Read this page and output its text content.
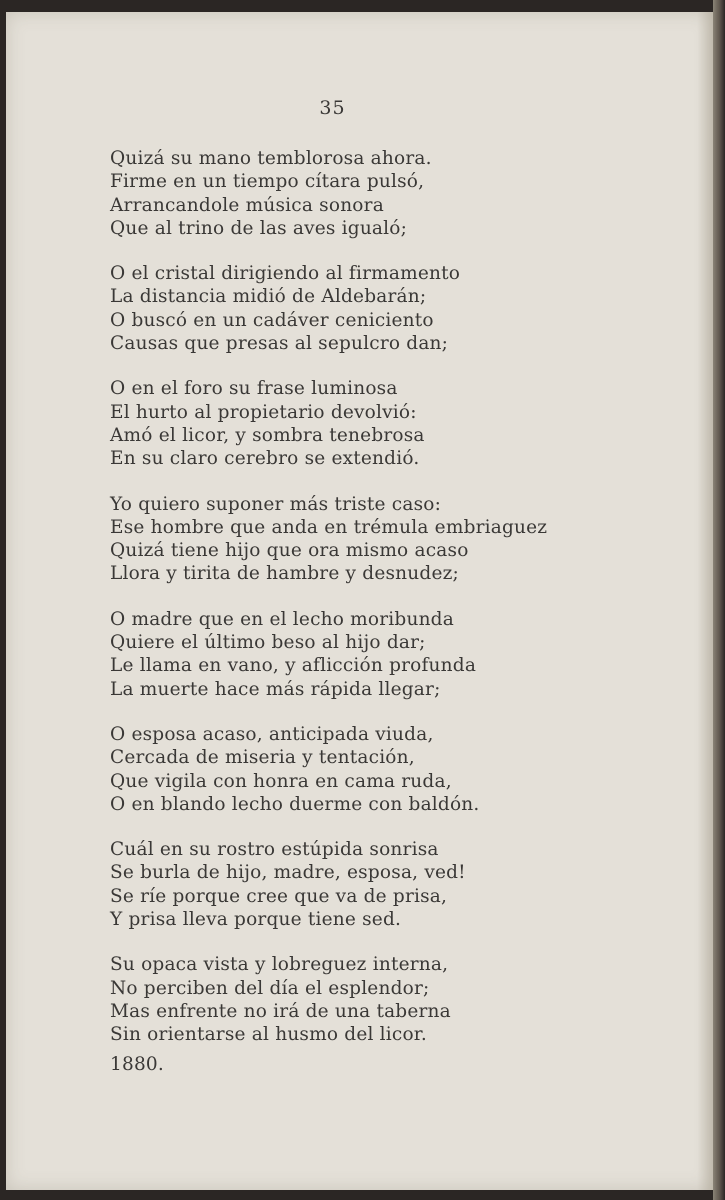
35
Quizá su mano temblorosa ahora.
Firme en un tiempo cítara pulsó,
Arrancandole música sonora
Que al trino de las aves igualó;
O el cristal dirigiendo al firmamento
La distancia midió de Aldebarán;
O buscó en un cadáver ceniciento
Causas que presas al sepulcro dan;
O en el foro su frase luminosa
El hurto al propietario devolvió:
Amó el licor, y sombra tenebrosa
En su claro cerebro se extendió.
Yo quiero suponer más triste caso:
Ese hombre que anda en trémula embriaguez
Quizá tiene hijo que ora mismo acaso
Llora y tirita de hambre y desnudez;
O madre que en el lecho moribunda
Quiere el último beso al hijo dar;
Le llama en vano, y aflicción profunda
La muerte hace más rápida llegar;
O esposa acaso, anticipada viuda,
Cercada de miseria y tentación,
Que vigila con honra en cama ruda,
O en blando lecho duerme con baldón.
Cuál en su rostro estúpida sonrisa
Se burla de hijo, madre, esposa, ved!
Se ríe porque cree que va de prisa,
Y prisa lleva porque tiene sed.
Su opaca vista y lobreguez interna,
No perciben del día el esplendor;
Mas enfrente no irá de una taberna
Sin orientarse al husmo del licor.
1880.
